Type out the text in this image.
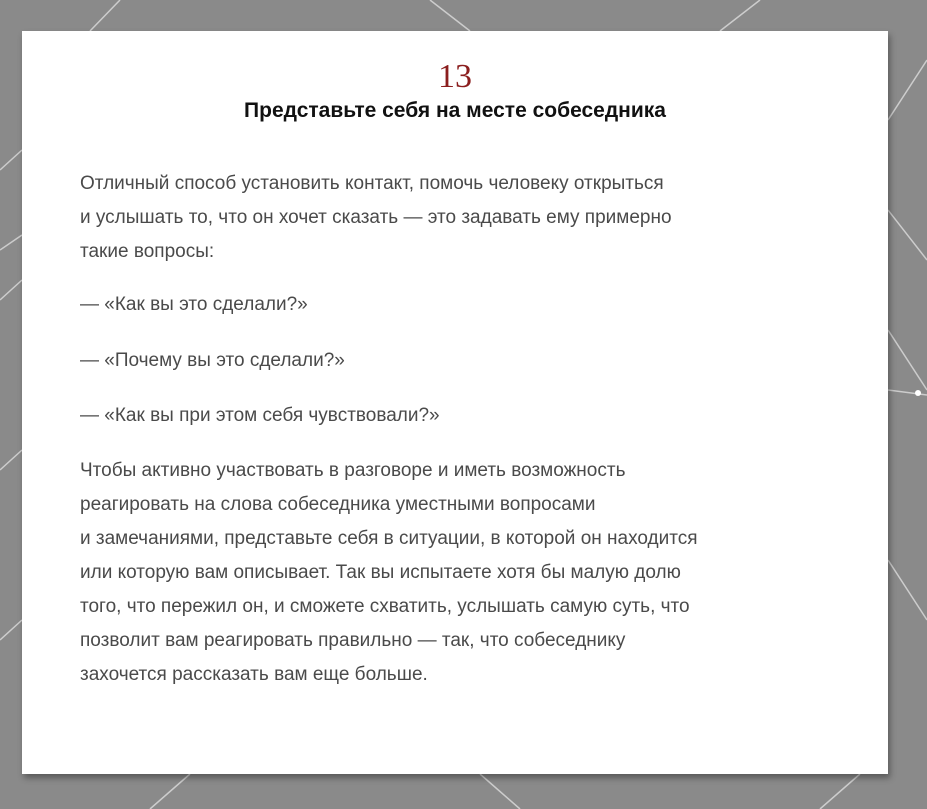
13
Представьте себя на месте собеседника

Отличный способ установить контакт, помочь человеку открыться
и услышать то, что он хочет сказать — это задавать ему примерно
такие вопросы:

— «Как вы это сделали?»

— «Почему вы это сделали?»

— «Как вы при этом себя чувствовали?»

Чтобы активно участвовать в разговоре и иметь возможность
реагировать на слова собеседника уместными вопросами
и замечаниями, представьте себя в ситуации, в которой он находится
или которую вам описывает. Так вы испытаете хотя бы малую долю
того, что пережил он, и сможете схватить, услышать самую суть, что
позволит вам реагировать правильно — так, что собеседнику
захочется рассказать вам еще больше.
